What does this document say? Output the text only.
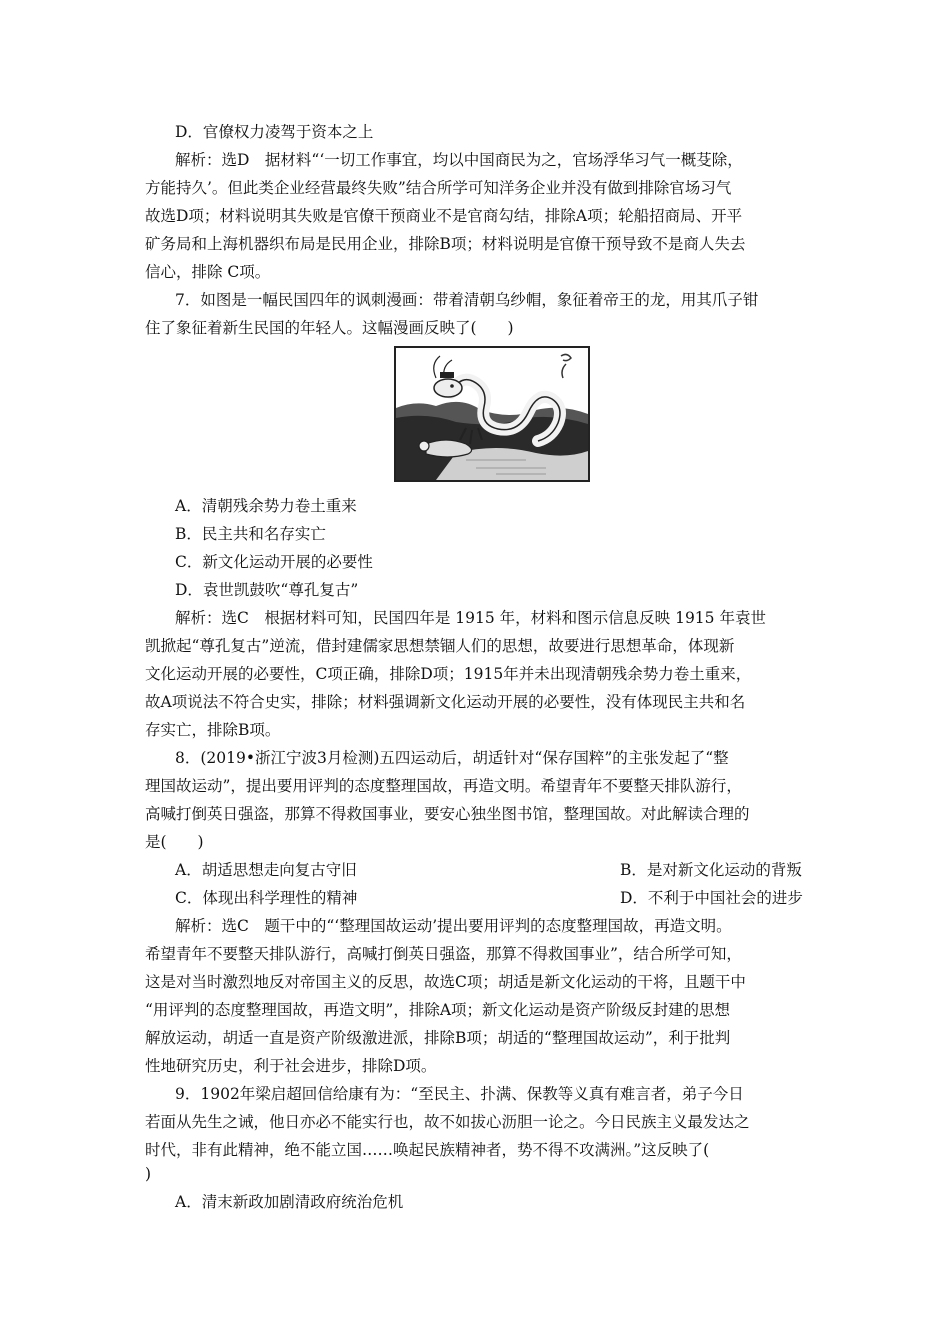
D．官僚权力凌驾于资本之上
解析：选D　据材料“‘一切工作事宜，均以中国商民为之，官场浮华习气一概芟除，
方能持久’。但此类企业经营最终失败”结合所学可知洋务企业并没有做到排除官场习气
故选D项；材料说明其失败是官僚干预商业不是官商勾结，排除A项；轮船招商局、开平
矿务局和上海机器织布局是民用企业，排除B项；材料说明是官僚干预导致不是商人失去
信心，排除 C项。
7．如图是一幅民国四年的讽刺漫画：带着清朝乌纱帽，象征着帝王的龙，用其爪子钳
住了象征着新生民国的年轻人。这幅漫画反映了(　　)
A．清朝残余势力卷土重来
B．民主共和名存实亡
C．新文化运动开展的必要性
D．袁世凯鼓吹“尊孔复古”
解析：选C　根据材料可知，民国四年是 1915 年，材料和图示信息反映 1915 年袁世
凯掀起“尊孔复古”逆流，借封建儒家思想禁锢人们的思想，故要进行思想革命，体现新
文化运动开展的必要性，C项正确，排除D项；1915年并未出现清朝残余势力卷土重来，
故A项说法不符合史实，排除；材料强调新文化运动开展的必要性，没有体现民主共和名
存实亡，排除B项。
8．(2019•浙江宁波3月检测)五四运动后，胡适针对“保存国粹”的主张发起了“整
理国故运动”，提出要用评判的态度整理国故，再造文明。希望青年不要整天排队游行，
高喊打倒英日强盗，那算不得救国事业，要安心独坐图书馆，整理国故。对此解读合理的
是(　　)
A．胡适思想走向复古守旧	B．是对新文化运动的背叛
C．体现出科学理性的精神	D．不利于中国社会的进步
解析：选C　题干中的“‘整理国故运动’提出要用评判的态度整理国故，再造文明。
希望青年不要整天排队游行，高喊打倒英日强盗，那算不得救国事业”，结合所学可知，
这是对当时激烈地反对帝国主义的反思，故选C项；胡适是新文化运动的干将，且题干中
“用评判的态度整理国故，再造文明”，排除A项；新文化运动是资产阶级反封建的思想
解放运动，胡适一直是资产阶级激进派，排除B项；胡适的“整理国故运动”，利于批判
性地研究历史，利于社会进步，排除D项。
9．1902年梁启超回信给康有为：“至民主、扑满、保教等义真有难言者，弟子今日
若面从先生之诫，他日亦必不能实行也，故不如拔心沥胆一论之。今日民族主义最发达之
时代，非有此精神，绝不能立国……唤起民族精神者，势不得不攻满洲。”这反映了(
)
A．清末新政加剧清政府统治危机
